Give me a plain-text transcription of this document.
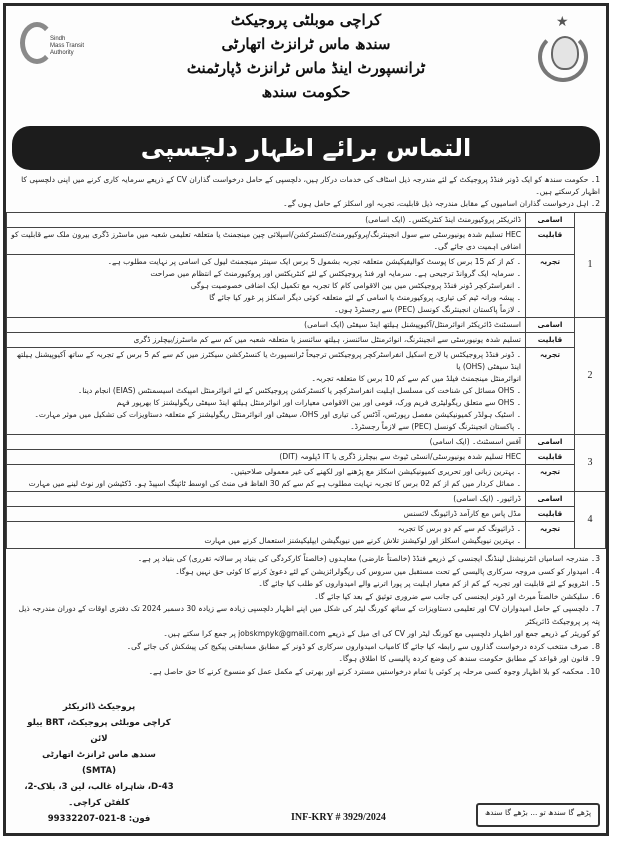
Sindh
Mass Transit
Authority
کراچی موبلٹی پروجیکٹ
سندھ ماس ٹرانزٹ اتھارٹی
ٹرانسپورٹ اینڈ ماس ٹرانزٹ ڈپارٹمنٹ
حکومت سندھ
★
التماس برائے اظہار دلچسپی
1۔ حکومت سندھ کو ایک ڈونر فنڈڈ پروجیکٹ کے لئے مندرجہ ذیل اسٹاف کی خدمات درکار ہیں، دلچسپی کے حامل درخواست گذاران CV کے ذریعے سرمایہ کاری کرنے میں اپنی دلچسپی کا اظہار کرسکتے ہیں۔
2۔ اہل درخواست گذاران اسامیوں کے مقابل مندرجہ ذیل قابلیت، تجربہ اور اسکلز کے حامل ہوں گے۔
1	اسامی	ڈائریکٹر پروکیورمنٹ اینڈ کنٹریکٹس۔ (ایک اسامی)
	قابلیت	HEC تسلیم شدہ یونیورسٹی سے سول انجینئرنگ/پروکیورمنٹ/کنسٹرکشن/اسپلائی چین مینجمنٹ یا متعلقہ تعلیمی شعبہ میں ماسٹرز ڈگری بیرون ملک سے قابلیت کو اضافی اہمیت دی جائے گی۔
	تجربہ	۔ کم از کم 15 برس کا پوسٹ کوالیفیکیشن متعلقہ تجربہ بشمول 5 برس ایک سینئر مینجمنٹ لیول کی اسامی پر نہایت مطلوب ہے۔
۔ سرمایہ ایک گروانڈ ترجیحی ہے۔ سرمایہ اور فنڈ پروجیکٹس کے لئے کنٹریکٹس اور پروکیورمنٹ کے انتظام میں صراحت
۔ انفراسٹرکچر ڈونر فنڈڈ پروجیکٹس میں بین الاقوامی کام کا تجربہ مع تکمیل ایک اضافی خصوصیت ہوگی
۔ پیشہ ورانہ ٹیم کی تیاری، پروکیورمنٹ یا اسامی کے لئے متعلقہ کوئی دیگر اسکلز پر غور کیا جائے گا
۔ لازماً پاکستان انجینئرنگ کونسل (PEC) سے رجسٹرڈ ہوں۔

2	اسامی	اسسٹنٹ ڈائریکٹر انوائرمنٹل/آکیوپیشنل ہیلتھ اینڈ سیفٹی (ایک اسامی)
	قابلیت	تسلیم شدہ یونیورسٹی سے انجینئرنگ، انوائرمنٹل سائنسز، ہیلتھ سائنسز یا متعلقہ شعبہ میں کم سے کم ماسٹرز/بیچلرز ڈگری
تجربہ	
۔ ڈونر فنڈڈ پروجیکٹس یا لارج اسکیل انفراسٹرکچر پروجیکٹس ترجیحاً ٹرانسپورٹ یا کنسٹرکشن سیکٹرز میں کم سے کم 5 برس کے تجربہ کے ساتھ آکیوپیشنل ہیلتھ اینڈ سیفٹی (OHS) یا
انوائرمنٹل مینجمنٹ فیلڈ میں کم سے کم 10 برس کا متعلقہ تجربہ۔
۔ OHS مسائل کی شناخت کی مسلسل اہلیت انفراسٹرکچر یا کنسٹرکشن پروجیکٹس کے لئے انوائرمنٹل امپیکٹ اسیسمنٹس (EIAS) انجام دینا۔
۔ OHS سے متعلق ریگولیٹری فریم ورک، قومی اور بین الاقوامی معیارات اور انوائرمنٹل ہیلتھ اینڈ سیفٹی ریگولیشنز کا بھرپور فہم
۔ اسٹیک ہولڈر کمیونیکیشن مفصل رپورٹس، آڈٹس کی تیاری اور OHS، سیفٹی اور انوائرمنٹل ریگولیشنز کے متعلقہ دستاویزات کی تشکیل میں موثر مہارت۔
۔ پاکستان انجینئرنگ کونسل (PEC) سے لازماً رجسٹرڈ۔

3	اسامی	آفس اسسٹنٹ۔ (ایک اسامی)
	قابلیت	HEC تسلیم شدہ یونیورسٹی/انسٹی ٹیوٹ سے بیچلرز ڈگری یا IT ڈپلومہ (DIT)
	تجربہ	۔ بہترین زبانی اور تحریری کمیونیکیشن اسکلز مع پڑھنے اور لکھنے کی غیر معمولی صلاحیتیں۔
۔ مماثل کردار میں کم از کم 02 برس کا تجربہ نہایت مطلوب ہے کم سے کم 30 الفاظ فی منٹ کی اوسط ٹائپنگ اسپیڈ ہو۔ ڈکٹیشن اور نوٹ لینے میں مہارت

4	اسامی	ڈرائیور۔ (ایک اسامی)
	قابلیت	مڈل پاس مع کارآمد ڈرائیونگ لائسنس
	تجربہ	۔ ڈرائیونگ کم سے کم دو برس کا تجربہ
۔ بہترین نیویگیشن اسکلز اور لوکیشنز تلاش کرنے میں نیویگیشن ایپلیکیشنز استعمال کرنے میں مہارت
3۔ مندرجہ اسامیاں انٹرنیشنل لینڈنگ ایجنسی کے ذریعے فنڈڈ (خالصتاً عارضی) معاہدوں (خالصتاً کارکردگی کی بنیاد پر سالانہ تقرری) کی بنیاد پر ہے۔
4۔ امیدوار کو کسی مروجہ سرکاری پالیسی کے تحت مستقبل میں سروس کی ریگولرائزیشن کے لئے دعویٰ کرنے کا کوئی حق نہیں ہوگا۔
5۔ انٹرویو کے لئے قابلیت اور تجربہ کے کم از کم معیار اہلیت پر پورا اترنے والے امیدواروں کو طلب کیا جائے گا۔
6۔ سلیکشن خالصتاً میرٹ اور ڈونر ایجنسی کی جانب سے ضروری توثیق کے بعد کیا جائے گا۔
7۔ دلچسپی کے حامل امیدواران CV اور تعلیمی دستاویزات کے ساتھ کورنگ لیٹر کی شکل میں اپنے اظہار دلچسپی زیادہ سے زیادہ 30 دسمبر 2024 تک دفتری اوقات کے دوران مندرجہ ذیل پتہ پر پروجیکٹ ڈائریکٹر
کو کوریئر کے ذریعے جمع اور اظہار دلچسپی مع کورنگ لیٹر اور CV کی ای میل کے ذریعے jobskmpyk@gmail.com پر جمع کرا سکتے ہیں۔
8۔ صرف منتخب کردہ درخواست گذاروں سے رابطہ کیا جائے گا کامیاب امیدواروں سرکاری کو ڈونر کے مطابق مسابقتی پیکیج کی پیشکش کی جائے گی۔
9۔ قانون اور قواعد کے مطابق حکومت سندھ کی وضع کردہ پالیسی کا اطلاق ہوگا۔
10۔ محکمہ کو بلا اظہار وجوہ کسی مرحلہ پر کوئی یا تمام درخواستیں مسترد کرنے اور بھرتی کے مکمل عمل کو منسوخ کرنے کا حق حاصل ہے۔
پروجیکٹ ڈائریکٹر
کراچی موبلٹی پروجیکٹ، BRT ییلو لائن
سندھ ماس ٹرانزٹ اتھارٹی (SMTA)
D-43، شاہراہ غالب، لین 3، بلاک-2، کلفٹن کراچی۔
فون: 8-021-99332207	INF-KRY # 3929/2024	پڑھے گا سندھ تو ... بڑھے گا سندھ
